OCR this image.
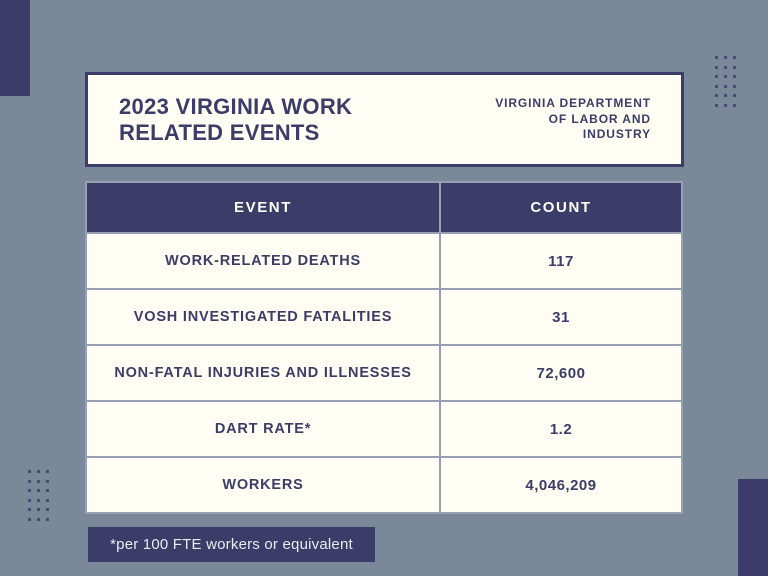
2023 VIRGINIA WORK
RELATED EVENTS
VIRGINIA DEPARTMENT
OF LABOR AND
INDUSTRY
EVENT	COUNT
WORK-RELATED DEATHS	117
VOSH INVESTIGATED FATALITIES	31
NON-FATAL INJURIES AND ILLNESSES	72,600
DART RATE*	1.2
WORKERS	4,046,209
*per 100 FTE workers or equivalent
